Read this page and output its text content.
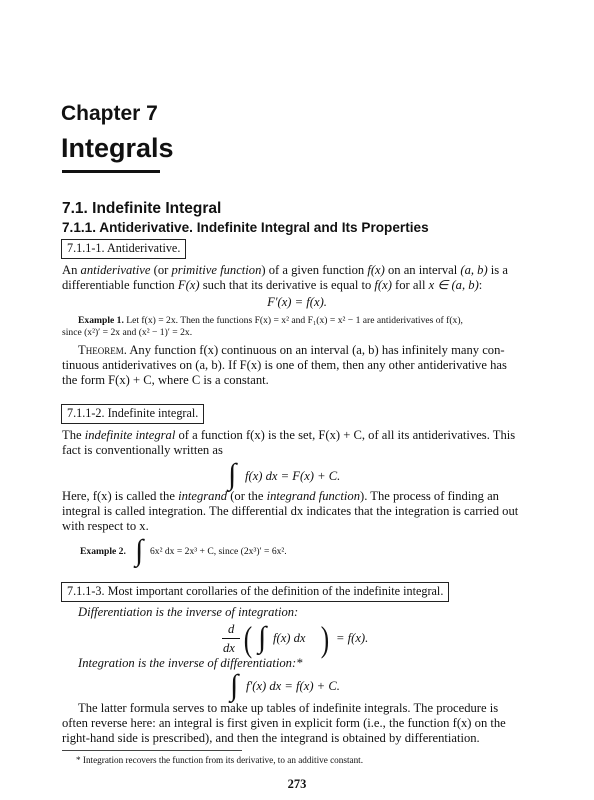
Chapter 7
Integrals
7.1. Indefinite Integral
7.1.1. Antiderivative. Indefinite Integral and Its Properties
7.1.1-1. Antiderivative.
An antiderivative (or primitive function) of a given function f(x) on an interval (a, b) is a
differentiable function F(x) such that its derivative is equal to f(x) for all x ∈ (a, b):
F′(x) = f(x).
Example 1. Let f(x) = 2x. Then the functions F(x) = x² and F₁(x) = x² − 1 are antiderivatives of f(x),
since (x²)′ = 2x and (x² − 1)′ = 2x.
Theorem. Any function f(x) continuous on an interval (a, b) has infinitely many con-
tinuous antiderivatives on (a, b). If F(x) is one of them, then any other antiderivative has
the form F(x) + C, where C is a constant.
7.1.1-2. Indefinite integral.
The indefinite integral of a function f(x) is the set, F(x) + C, of all its antiderivatives. This
fact is conventionally written as
∫ f(x) dx = F(x) + C.
Here, f(x) is called the integrand (or the integrand function). The process of finding an
integral is called integration. The differential dx indicates that the integration is carried out
with respect to x.
Example 2. ∫ 6x² dx = 2x³ + C, since (2x³)′ = 6x².
7.1.1-3. Most important corollaries of the definition of the indefinite integral.
Differentiation is the inverse of integration:
d
dx ( ∫ f(x) dx ) = f(x).
Integration is the inverse of differentiation:*
∫ f′(x) dx = f(x) + C.
The latter formula serves to make up tables of indefinite integrals. The procedure is
often reverse here: an integral is first given in explicit form (i.e., the function f(x) on the
right-hand side is prescribed), and then the integrand is obtained by differentiation.
* Integration recovers the function from its derivative, to an additive constant.
273
